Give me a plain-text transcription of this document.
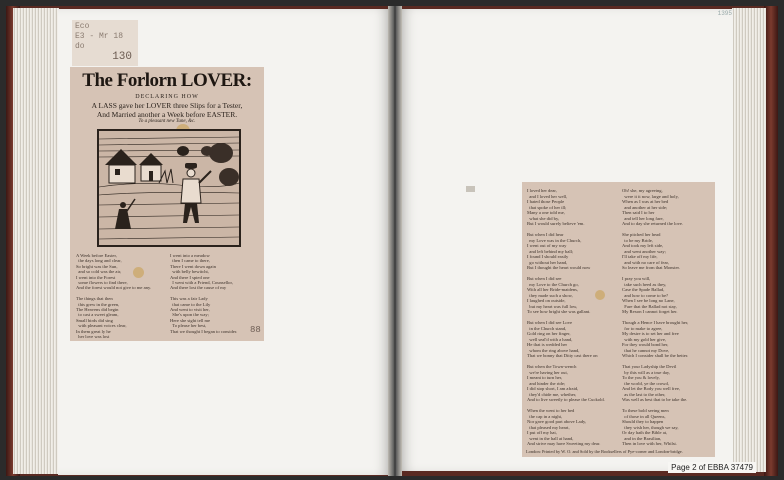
Eco
E3 - Mr 18
do
130
The Forlorn LOVER:
DECLARING HOW
A LASS gave her LOVER three Slips for a Tester,
And Married another a Week before EASTER.
To a pleasant new Tune, &c.
A Week before Easter,
the days long and clear,
So bright was the Sun,
and so cold was the air,
I went into the Forest
some flowers to find there,
And the forest would not give to me any.

The things that then
this grew in the green,
The Heavens did begin
to cast a sweet gleam,
Small birds did sing
with pleasant voices clear,
In them great ly he
her love was lost
I went into a meadow
then I came to there,
There I went down again
with belly bewitcht,
And there I spied one
I went with a Friend, Counsellor,
And there lost the cause of my

This was a fair Lady
that came to the Lily
And went to visit her,
She's upon the way;
Here she sight tell me
To please her best,
That we thought I began to consider.	88
I loved her dear,
and I loved her well,
I hated those People
that spoke of her ill;
Many a one told me,
what she did by,
But I would surely believe 'em.

But when I did hear
my Love was in the Church,
I went out of my way
and left behind my ball;
I found I should easily
go without her hand,
But I thought the heart would now

But when I did see
my Love to the Church go,
With all her Bride-maidens,
they made such a show,
I laughed on outside,
but my heart was full low,
To see how bright she was gallant.

But when I did see Love
in the Church stand,
Gold ring on her finger,
well seal'd with a hand,
He that is wedded her
whom the ring above hand,
That we bonny that Ditty cast there on

But when the Town-wench
we're having her out,
I meant to turn her,
and hinder the ride;
I did stop short, I am afraid,
they'd chide me, whether,
And to live sweetly to please the Cuckold.

When the went to her bed
the cap in a night,
Nor gave good part above Lady,
that pleased my heart,
I put off my hat,
went in the hall at hand,
And strive may have Sweeting my dear.
Oh! she, my agreeing,
were it it now, large and holy,
When as I was at her bed
and another at her side;
Then said I to her
and tell her long fare,
And to day she returned the love.

She pitched her head
to be my Bride,
And took my left side,
and went another way;
I'll take off my life,
and with no care of fear,
So leave me from that Monster.

I pray you will,
take such heed as they,
Case the Spade Ballad,
and how to come to be?
When I see be long no Lane,
Fare that the Ballad not stay,
My Rexon I cannot forget her.

Though a Hence I have brought her,
for to make to agree,
My desire is to set her and free
with my gold her give,
For they would bond her,
that he cannot my Dove,
Which I consider shall be the better.

That your Ladyship the Devil
by this will as a true day,
To the you & lovely,
the world, ye the crowd,
And let the Body you well free,
as the last to the other,
Was well as best that to be take the.

To these bold seeing men
of those in all Queens,
Should they to happen
they wish her, though we say,
Or day hath the Bible at,
and in the Brasilian,
Then in love with her, Whilst.
London: Printed by W. O. and Sold by the Booksellers of Pye-corner and London-bridge.
1395
Page 2 of EBBA 37479
